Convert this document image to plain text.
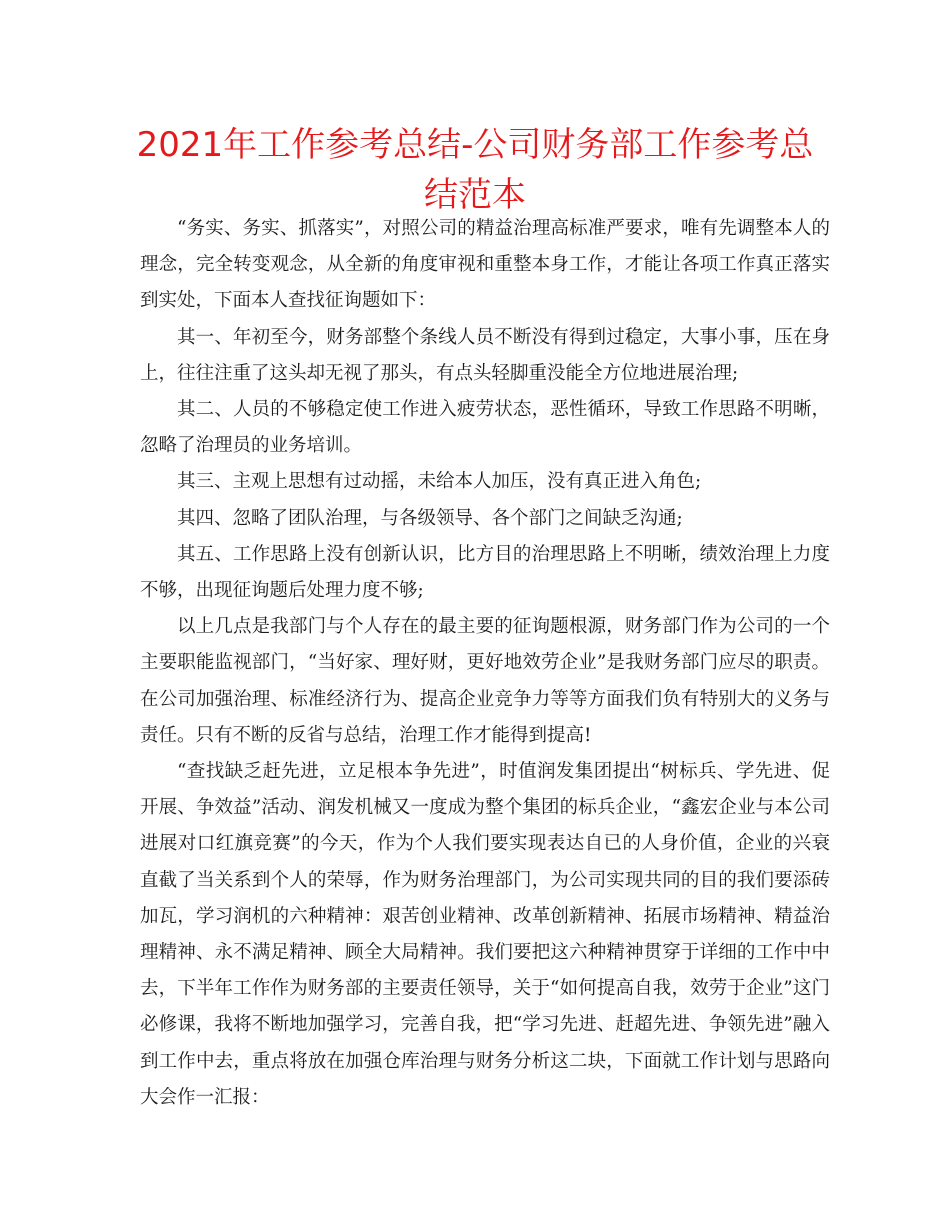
2021年工作参考总结-公司财务部工作参考总结范本

“务实、务实、抓落实”，对照公司的精益治理高标准严要求，唯有先调整本人的理念，完全转变观念，从全新的角度审视和重整本身工作，才能让各项工作真正落实到实处，下面本人查找征询题如下：

其一、年初至今，财务部整个条线人员不断没有得到过稳定，大事小事，压在身上，往往注重了这头却无视了那头，有点头轻脚重没能全方位地进展治理;

其二、人员的不够稳定使工作进入疲劳状态，恶性循环，导致工作思路不明晰，忽略了治理员的业务培训。

其三、主观上思想有过动摇，未给本人加压，没有真正进入角色;

其四、忽略了团队治理，与各级领导、各个部门之间缺乏沟通;

其五、工作思路上没有创新认识，比方目的治理思路上不明晰，绩效治理上力度不够，出现征询题后处理力度不够;

以上几点是我部门与个人存在的最主要的征询题根源，财务部门作为公司的一个主要职能监视部门，“当好家、理好财，更好地效劳企业”是我财务部门应尽的职责。在公司加强治理、标准经济行为、提高企业竞争力等等方面我们负有特别大的义务与责任。只有不断的反省与总结，治理工作才能得到提高!

“查找缺乏赶先进，立足根本争先进”，时值润发集团提出“树标兵、学先进、促开展、争效益”活动、润发机械又一度成为整个集团的标兵企业，“鑫宏企业与本公司进展对口红旗竞赛”的今天，作为个人我们要实现表达自已的人身价值，企业的兴衰直截了当关系到个人的荣辱，作为财务治理部门，为公司实现共同的目的我们要添砖加瓦，学习润机的六种精神：艰苦创业精神、改革创新精神、拓展市场精神、精益治理精神、永不满足精神、顾全大局精神。我们要把这六种精神贯穿于详细的工作中中去，下半年工作作为财务部的主要责任领导，关于“如何提高自我，效劳于企业”这门必修课，我将不断地加强学习，完善自我，把“学习先进、赶超先进、争领先进”融入到工作中去，重点将放在加强仓库治理与财务分析这二块，下面就工作计划与思路向大会作一汇报：
